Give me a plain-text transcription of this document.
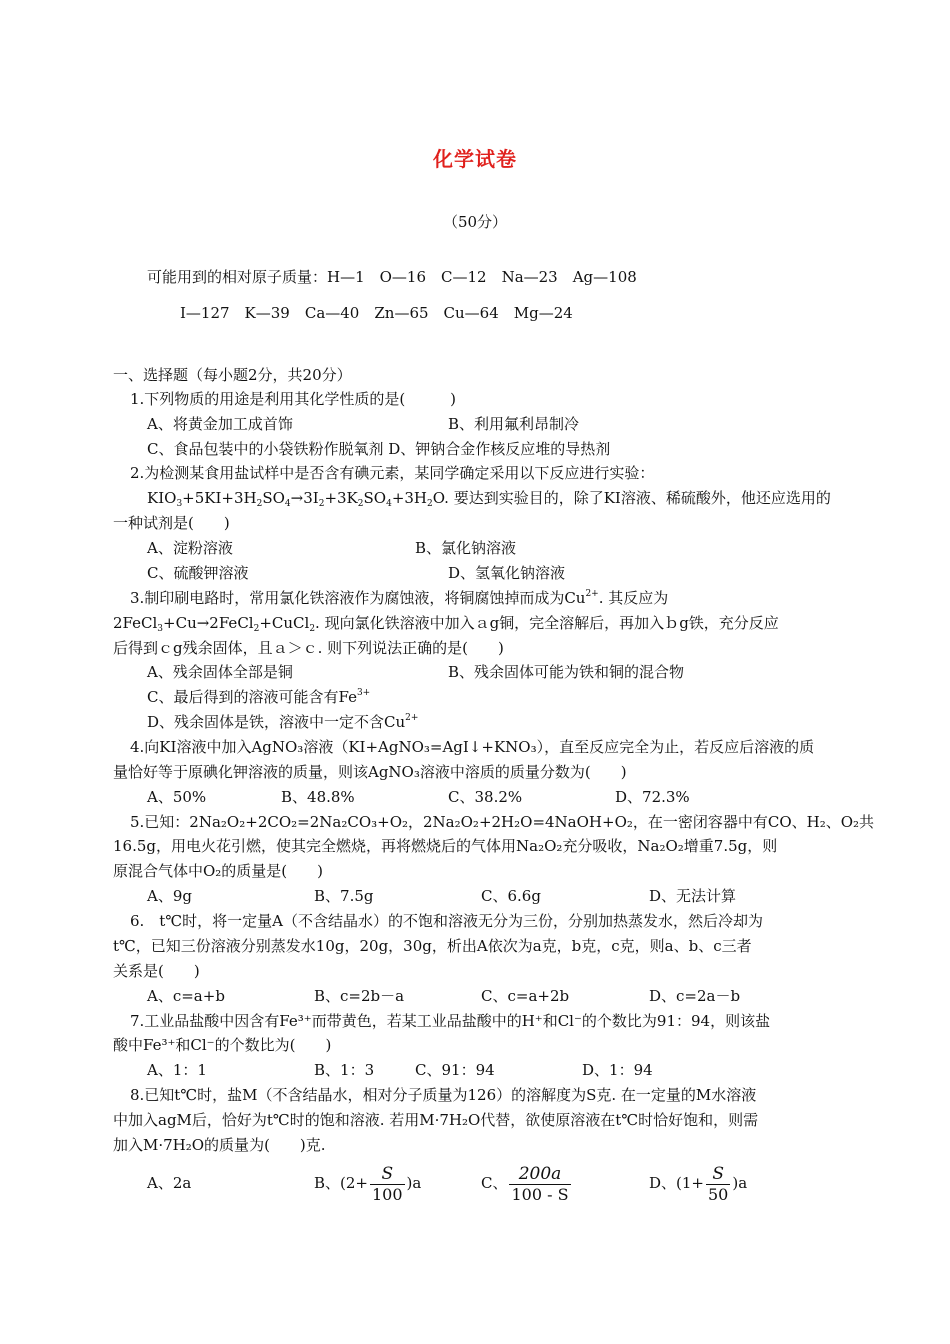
化学试卷
（50分）
可能用到的相对原子质量：H—1　O—16　C—12　Na—23　Ag—108
I—127　K—39　Ca—40　Zn—65　Cu—64　Mg—24
一、选择题（每小题2分，共20分）
1.下列物质的用途是利用其化学性质的是(　　　)
A、将黄金加工成首饰	B、利用氟利昂制冷
C、食品包装中的小袋铁粉作脱氧剂 D、钾钠合金作核反应堆的导热剂
2.为检测某食用盐试样中是否含有碘元素，某同学确定采用以下反应进行实验：
$KIO_3+5KI+3H_2SO_4\to 3I_2+3K_2SO_4+3H_2O$. 要达到实验目的，除了KI溶液、稀硫酸外，他还应选用的
一种试剂是(　　)
A、淀粉溶液	B、氯化钠溶液
C、硫酸钾溶液	D、氢氧化钠溶液
3.制印刷电路时，常用氯化铁溶液作为腐蚀液，将铜腐蚀掉而成为$Cu^{2+}$. 其反应为
2FeCl$_3$+Cu→2FeCl$_2$+CuCl$_2$. 现向氯化铁溶液中加入ａg铜，完全溶解后，再加入ｂg铁，充分反应
后得到ｃg残余固体，且ａ＞ｃ. 则下列说法正确的是(　　)
A、残余固体全部是铜	B、残余固体可能为铁和铜的混合物
C、最后得到的溶液可能含有$Fe^{3+}$
D、残余固体是铁，溶液中一定不含$Cu^{2+}$
4.向KI溶液中加入AgNO₃溶液（KI+AgNO₃=AgI↓+KNO₃），直至反应完全为止，若反应后溶液的质
量恰好等于原碘化钾溶液的质量，则该AgNO₃溶液中溶质的质量分数为(　　)
A、50%	B、48.8%	C、38.2%	D、72.3%
5.已知：2Na₂O₂+2CO₂=2Na₂CO₃+O₂，2Na₂O₂+2H₂O=4NaOH+O₂，在一密闭容器中有CO、H₂、O₂共
16.5g，用电火花引燃，使其完全燃烧，再将燃烧后的气体用Na₂O₂充分吸收，Na₂O₂增重7.5g，则
原混合气体中O₂的质量是(　　)
A、9g	B、7.5g	C、6.6g	D、无法计算
6.　t℃时，将一定量A（不含结晶水）的不饱和溶液无分为三份，分别加热蒸发水，然后冷却为
t℃，已知三份溶液分别蒸发水10g，20g，30g，析出A依次为a克，b克，c克，则a、b、c三者
关系是(　　)
A、c=a+b	B、c=2b－a	C、c=a+2b	D、c=2a－b
7.工业品盐酸中因含有Fe³⁺而带黄色，若某工业品盐酸中的H⁺和Cl⁻的个数比为91：94，则该盐
酸中Fe³⁺和Cl⁻的个数比为(　　)
A、1：1	B、1：3	C、91：94	D、1：94
8.已知t℃时，盐M（不含结晶水，相对分子质量为126）的溶解度为S克. 在一定量的M水溶液
中加入agM后，恰好为t℃时的饱和溶液. 若用M·7H₂O代替，欲使原溶液在t℃时恰好饱和，则需
加入M·7H₂O的质量为(　　)克.
A、2a	B、$(2+ \frac{S}{100} )a$	C、 $\frac{200a}{100 - S}$	D、$(1+ \frac{S}{50} )a$
